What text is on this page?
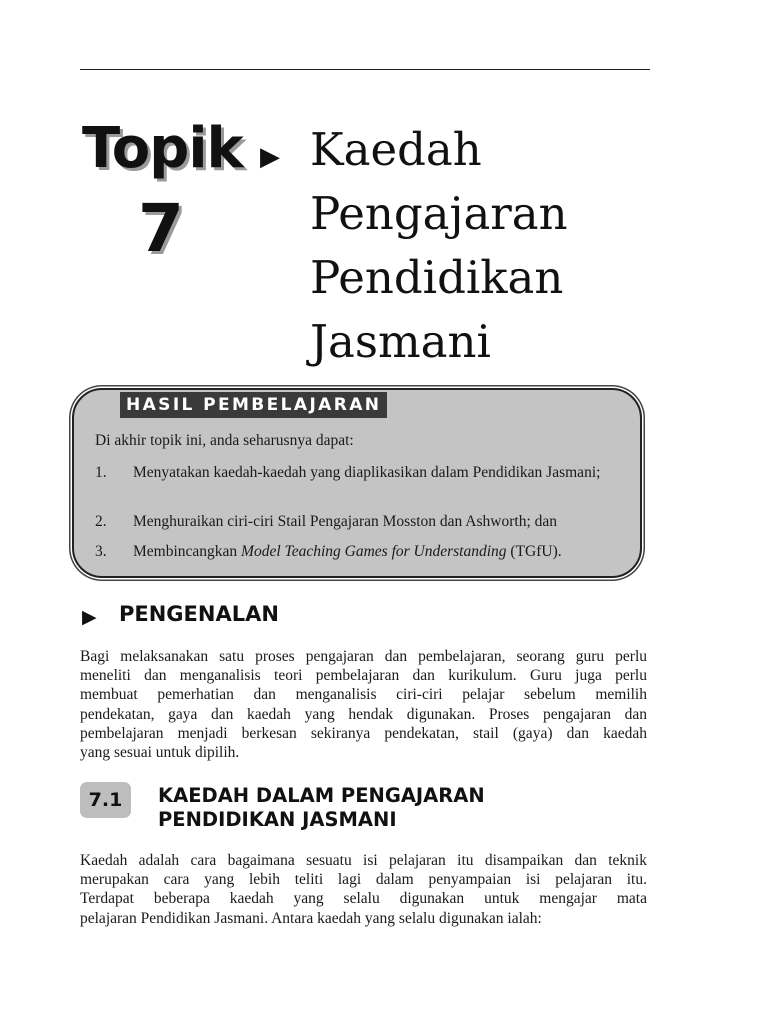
Topik
7
▶ Kaedah
Pengajaran
Pendidikan
Jasmani
HASIL PEMBELAJARAN
Di akhir topik ini, anda seharusnya dapat:
1. Menyatakan kaedah-kaedah yang diaplikasikan dalam Pendidikan Jasmani;
2. Menghuraikan ciri-ciri Stail Pengajaran Mosston dan Ashworth; dan
3. Membincangkan Model Teaching Games for Understanding (TGfU).
▶ PENGENALAN
Bagi melaksanakan satu proses pengajaran dan pembelajaran, seorang guru perlu
meneliti dan menganalisis teori pembelajaran dan kurikulum. Guru juga perlu
membuat pemerhatian dan menganalisis ciri-ciri pelajar sebelum memilih
pendekatan, gaya dan kaedah yang hendak digunakan. Proses pengajaran dan
pembelajaran menjadi berkesan sekiranya pendekatan, stail (gaya) dan kaedah
yang sesuai untuk dipilih.
7.1	KAEDAH DALAM PENGAJARAN
PENDIDIKAN JASMANI
Kaedah adalah cara bagaimana sesuatu isi pelajaran itu disampaikan dan teknik
merupakan cara yang lebih teliti lagi dalam penyampaian isi pelajaran itu.
Terdapat beberapa kaedah yang selalu digunakan untuk mengajar mata
pelajaran Pendidikan Jasmani. Antara kaedah yang selalu digunakan ialah:
